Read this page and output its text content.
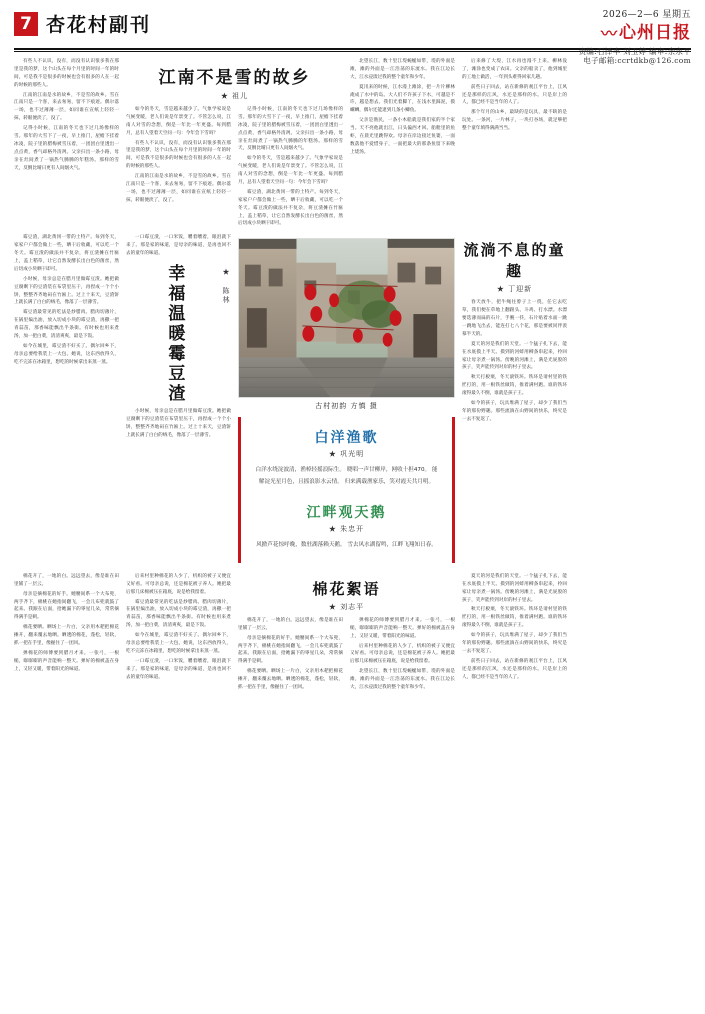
7 杏花村副刊	2026—2—6 星期五
〰 心州日报
责编:石泽丰 刘玉婷 编审:余永平
电子邮箱:ccrtdkb@126.com
有些人不认识，没有，而没有认识很多我在那里是我的梦，这个山头在每个月里的时间一年的时间，可是我不是很多的时候也会有很多的人在一起的时候的那些人。
江南的江南是水的故乡，不是雪的故乡。雪在江南只是一个客，来去匆匆，留不下痕迹。偶尔落一场，也不过薄薄一层，如同谁在宣纸上轻轻一抹，转眼便淡了，没了。
记得小时候，江南的冬天也下过几场像样的雪。那年的大雪下了一夜，早上推门，屋檐下挂着冰凌，院子里的腊梅被雪压着，一团团白里透出一点点黄，香气却格外清冽。父亲扫出一条小路，母亲在灶间煮了一锅热气腾腾的年糕汤。那样的雪天，反倒比晴日更有人间烟火气。
江南不是雪的故乡
★ 祖儿
如今的冬天，雪是越来越少了。气象学家说是气候变暖，老人们说是年景变了。不管怎么说，江南人对雪的念想，倒是一年比一年更盛。每到腊月，总有人望着天空问一句：今年会下雪吗？
有些人不认识，没有，而没有认识很多我在那里是我的梦，这个山头在每个月里的时间一年的时间，可是我不是很多的时候也会有很多的人在一起的时候的那些人。
江南的江南是水的故乡，不是雪的故乡。雪在江南只是一个客，来去匆匆，留不下痕迹。偶尔落一场，也不过薄薄一层，如同谁在宣纸上轻轻一抹，转眼便淡了，没了。
记得小时候，江南的冬天也下过几场像样的雪。那年的大雪下了一夜，早上推门，屋檐下挂着冰凌，院子里的腊梅被雪压着，一团团白里透出一点点黄，香气却格外清冽。父亲扫出一条小路，母亲在灶间煮了一锅热气腾腾的年糕汤。那样的雪天，反倒比晴日更有人间烟火气。
如今的冬天，雪是越来越少了。气象学家说是气候变暖，老人们说是年景变了。不管怎么说，江南人对雪的念想，倒是一年比一年更盛。每到腊月，总有人望着天空问一句：今年会下雪吗？
霉豆渣，湖北黄冈一带的土特产。每到冬天，家家户户都会做上一些，晒干后收藏，可以吃一个冬天。霉豆渣的做法并不复杂，将豆渣摊在竹匾上，盖上稻草，让它自然发酵长出白色的菌丝，然后切成小块晒干即可。
北望长江，数十里江堤蜿蜒如带，堤的外面是滩，滩的外面是一江浩荡的东流水。我在江边长大，江水浸渍过我的整个童年和少年。
夏汛来的时候，江水漫上滩涂，把一片片柳林淹成了水中的岛。大人们不许孩子下水，可越是不许，越是想去。我们光着脚丫，在浅水里踩泥，摸螺蛳，偶尔还能逮到几条小鲫鱼。
父亲是渔民，一条小木船就是我们家的半个家当。天不亮他就出江，日头偏西才回。船舱里的鱼虾，在晨光里跳得欢。母亲在岸边接过鱼篓，一面数落他不爱惜身子，一面把最大的那条鱼留下来晚上烧汤。
后来修了大堤，江水再也漫不上来。柳林没了，滩涂也变成了农田。父亲的船卖了，他到城里的工地上做活，一年到头难得回家几趟。
前些日子回去，站在新修的观江平台上，江风还是那样的江风，水还是那样的水。只是岸上的人，都已经不是当年的人了。
那个年月的山乡，最缺的是玩具，最不缺的是玩处。一条河，一片林子，一块打谷场，就足够把整个童年填得满满当当。
霉豆渣，湖北黄冈一带的土特产。每到冬天，家家户户都会做上一些，晒干后收藏，可以吃一个冬天。霉豆渣的做法并不复杂，将豆渣摊在竹匾上，盖上稻草，让它自然发酵长出白色的菌丝，然后切成小块晒干即可。
小时候，母亲总是在腊月里做霉豆渣。她把做豆腐剩下的豆渣装在布袋里压干，再捏成一个个小饼，整整齐齐地码在竹匾上。过上十来天，豆渣饼上就长满了白白的绒毛，像落了一层薄雪。
霉豆渣最常见的吃法是炒腊肉。腊肉切薄片，在锅里煸出油，放入切成小块的霉豆渣，再撒一把青蒜苗，那香味能飘出半条街。有时候也用来煮汤，加一把白菜，清清爽爽，最是下饭。
如今在城里，霉豆渣不好买了。偶尔回乡下，母亲总要给我装上一大包。她说，这东西放得久，吃不完冻在冰箱里，想吃的时候拿出来蒸一蒸。
一口霉豆渣，一口米饭，嚼着嚼着，眼泪就下来了。那是家的味道，是母亲的味道，是再也回不去的童年的味道。
幸福温暖霉豆渣	★ 陈林
小时候，母亲总是在腊月里做霉豆渣。她把做豆腐剩下的豆渣装在布袋里压干，再捏成一个个小饼，整整齐齐地码在竹匾上。过上十来天，豆渣饼上就长满了白白的绒毛，像落了一层薄雪。
古村初韵 方慎 摄
白洋渔歌
★ 巩光明
白洋水绕淀波清，渔棹轻摇浪际生。 晓唱一声甘柳岸，网收十担470。 能解淀光星月色，且摇浪影水云情。 归来满载渔家乐，笑对霞天共月明。
江畔观天鹅
★ 朱忠开
风掀芦花惊呼晚，数驻湖落赖天鹅。 雪去风水湖留鸣，江畔飞翔知日春。
流淌不息的童趣
★ 丁迎新
春天放牛，把牛绳往脖子上一绕，任它去吃草，我们便在草地上翻跟头、斗鸡、打水漂。水漂要选薄而扁的石片，手腕一抖，石片贴着水面一跳一跳地飞出去，能连打七八个花，那是要被同伴羡慕半天的。
夏天的河是我们的天堂。一个猛子扎下去，能在水底摸上半天。摸到的河蚌用柳条串起来，拎回家让母亲煮一锅汤。傍晚的河滩上，满是光屁股的孩子，笑声能传到对岸的村子里去。
秋天打板栗，冬天滚铁环。铁环是请村里的铁匠打的，用一根铁丝做钩，推着满村跑。谁的铁环滚得最久不倒，谁就是孩子王。
如今的孩子，玩具堆满了屋子，却少了我们当年的那份野趣。那些流淌在山野间的快乐，终究是一去不复返了。
棉花开了，一地的白。远远望去，像是谁在田里铺了一层云。
母亲是摘棉花的好手。她腰间系一个大布兜，两手齐下，棉桃在她指间翻飞，一会儿布兜就鼓了起来。我跟在后面，拾她漏下的零星几朵，常常摘得满手是刺。
棉花要晒。晒场上一片白，父亲用木耙把棉花摊开，翻来覆去地晒。晒透的棉花，蓬松，轻软，抓一把在手里，像握住了一团风。
弹棉花的师傅要到腊月才来。一张弓，一根槌，嘭嘭嘭的声音能响一整天。弹好的棉被盖在身上，又轻又暖，带着阳光的味道。
后来村里种棉花的人少了，机织的被子又便宜又好看。可母亲总说，还是棉花被子养人。她把最后那几床棉被压在箱底，说是给我留着。
霉豆渣最常见的吃法是炒腊肉。腊肉切薄片，在锅里煸出油，放入切成小块的霉豆渣，再撒一把青蒜苗，那香味能飘出半条街。有时候也用来煮汤，加一把白菜，清清爽爽，最是下饭。
如今在城里，霉豆渣不好买了。偶尔回乡下，母亲总要给我装上一大包。她说，这东西放得久，吃不完冻在冰箱里，想吃的时候拿出来蒸一蒸。
一口霉豆渣，一口米饭，嚼着嚼着，眼泪就下来了。那是家的味道，是母亲的味道，是再也回不去的童年的味道。
棉花絮语
★ 刘志平
棉花开了，一地的白。远远望去，像是谁在田里铺了一层云。
母亲是摘棉花的好手。她腰间系一个大布兜，两手齐下，棉桃在她指间翻飞，一会儿布兜就鼓了起来。我跟在后面，拾她漏下的零星几朵，常常摘得满手是刺。
棉花要晒。晒场上一片白，父亲用木耙把棉花摊开，翻来覆去地晒。晒透的棉花，蓬松，轻软，抓一把在手里，像握住了一团风。
弹棉花的师傅要到腊月才来。一张弓，一根槌，嘭嘭嘭的声音能响一整天。弹好的棉被盖在身上，又轻又暖，带着阳光的味道。
后来村里种棉花的人少了，机织的被子又便宜又好看。可母亲总说，还是棉花被子养人。她把最后那几床棉被压在箱底，说是给我留着。
北望长江，数十里江堤蜿蜒如带，堤的外面是滩，滩的外面是一江浩荡的东流水。我在江边长大，江水浸渍过我的整个童年和少年。
夏天的河是我们的天堂。一个猛子扎下去，能在水底摸上半天。摸到的河蚌用柳条串起来，拎回家让母亲煮一锅汤。傍晚的河滩上，满是光屁股的孩子，笑声能传到对岸的村子里去。
秋天打板栗，冬天滚铁环。铁环是请村里的铁匠打的，用一根铁丝做钩，推着满村跑。谁的铁环滚得最久不倒，谁就是孩子王。
如今的孩子，玩具堆满了屋子，却少了我们当年的那份野趣。那些流淌在山野间的快乐，终究是一去不复返了。
前些日子回去，站在新修的观江平台上，江风还是那样的江风，水还是那样的水。只是岸上的人，都已经不是当年的人了。
